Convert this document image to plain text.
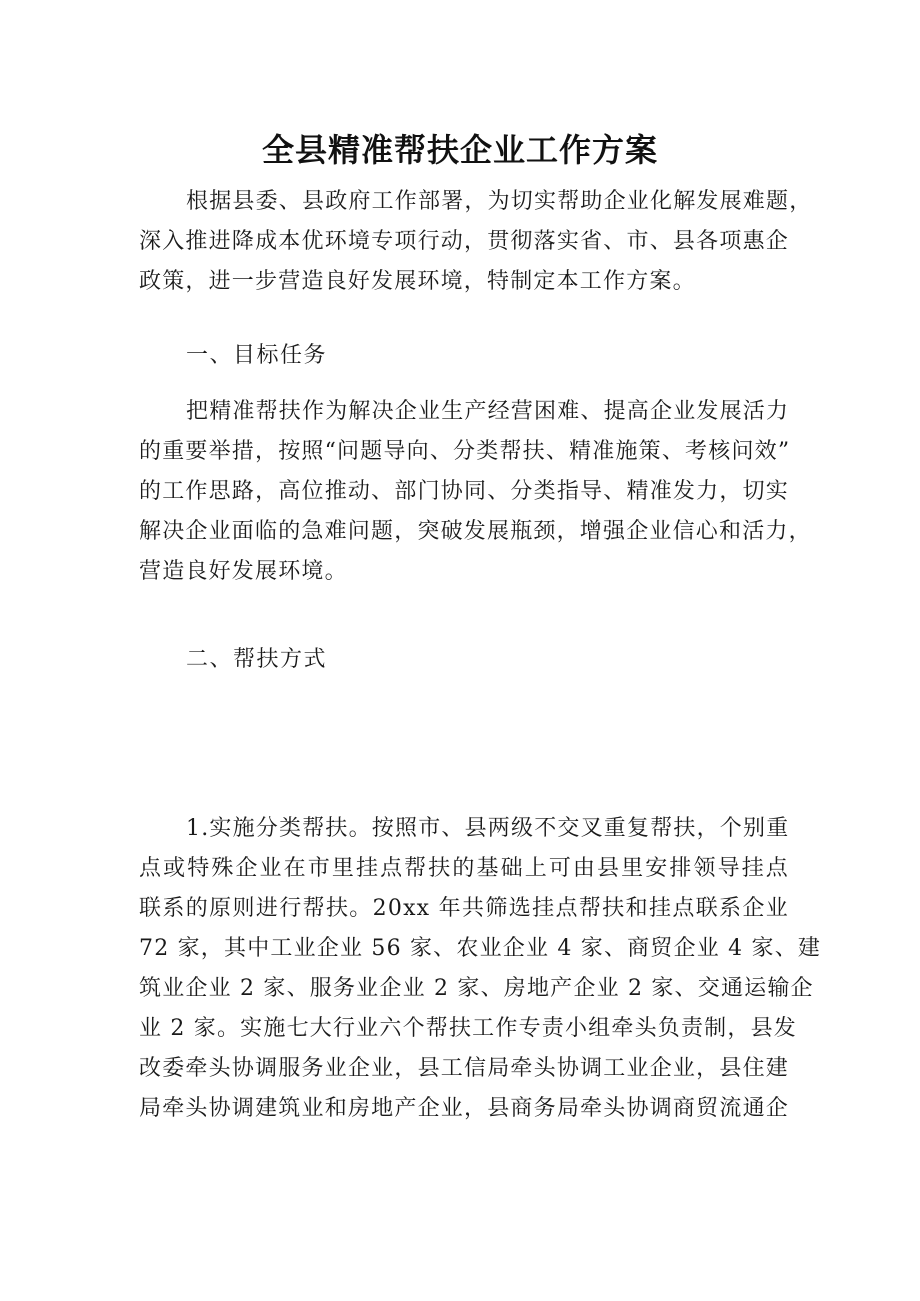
全县精准帮扶企业工作方案
根据县委、县政府工作部署，为切实帮助企业化解发展难题，
深入推进降成本优环境专项行动，贯彻落实省、市、县各项惠企
政策，进一步营造良好发展环境，特制定本工作方案。
一、目标任务
把精准帮扶作为解决企业生产经营困难、提高企业发展活力
的重要举措，按照“问题导向、分类帮扶、精准施策、考核问效”
的工作思路，高位推动、部门协同、分类指导、精准发力，切实
解决企业面临的急难问题，突破发展瓶颈，增强企业信心和活力，
营造良好发展环境。
二、帮扶方式
1.实施分类帮扶。按照市、县两级不交叉重复帮扶，个别重
点或特殊企业在市里挂点帮扶的基础上可由县里安排领导挂点
联系的原则进行帮扶。20xx 年共筛选挂点帮扶和挂点联系企业
72 家，其中工业企业 56 家、农业企业 4 家、商贸企业 4 家、建
筑业企业 2 家、服务业企业 2 家、房地产企业 2 家、交通运输企
业 2 家。实施七大行业六个帮扶工作专责小组牵头负责制，县发
改委牵头协调服务业企业，县工信局牵头协调工业企业，县住建
局牵头协调建筑业和房地产企业，县商务局牵头协调商贸流通企
